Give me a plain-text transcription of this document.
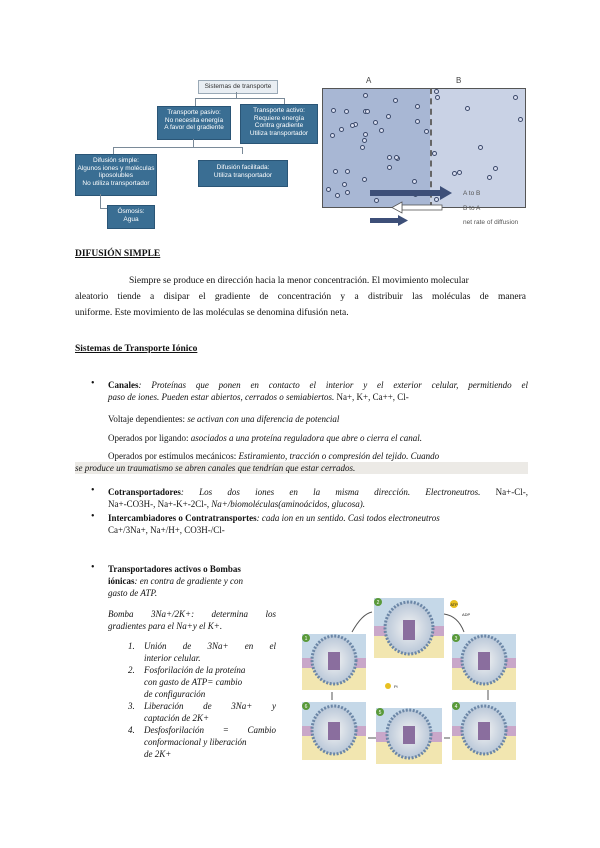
Sistemas de transporte
Transporte pasivo:
No necesita energía
A favor del gradiente
Transporte activo:
Requiere energía
Contra gradiente
Utiliza transportador
Difusión simple:
Algunos iones y moléculas
liposolubles
No utiliza transportador
Difusión facilitada:
Utiliza transportador
Ósmosis:
Agua
A	B
A to B
B to A
net rate of diffusion
DIFUSIÓN SIMPLE
Siempre se produce en dirección hacia la menor concentración. El movimiento molecular
aleatorio tiende a disipar el gradiente de concentración y a distribuir las moléculas de manera
uniforme. Este movimiento de las moléculas se denomina difusión neta.
Sistemas de Transporte Iónico
• Canales: Proteínas que ponen en contacto el interior y el exterior celular, permitiendo el
paso de iones. Pueden estar abiertos, cerrados o semiabiertos. Na+, K+, Ca++, Cl-
Voltaje dependientes: se activan con una diferencia de potencial
Operados por ligando: asociados a una proteína reguladora que abre o cierra el canal.
Operados por estímulos mecánicos: Estiramiento, tracción o compresión del tejido. Cuando
se produce un traumatismo se abren canales que tendrían que estar cerrados.
• Cotransportadores: Los dos iones en la misma dirección. Electroneutros. Na+-Cl-,
Na+-CO3H-, Na+-K+-2Cl-, Na+/biomoléculas(aminoácidos, glucosa).
• Intercambiadores o Contratransportes: cada ion en un sentido. Casi todos electroneutros
Ca+/3Na+, Na+/H+, CO3H-/Cl-
• Transportadores activos o Bombas
iónicas: en contra de gradiente y con
gasto de ATP.
Bomba 3Na+/2K+: determina los
gradientes para el Na+y el K+.
1. Unión de 3Na+ en el
interior celular.
2. Fosforilación de la proteína
con gasto de ATP= cambio
de configuración
3. Liberación de 3Na+ y
captación de 2K+
4. Desfosforilación = Cambio
conformacional y liberación
de 2K+
1
2
3
4
5
6
ATP
ADP
Pi
